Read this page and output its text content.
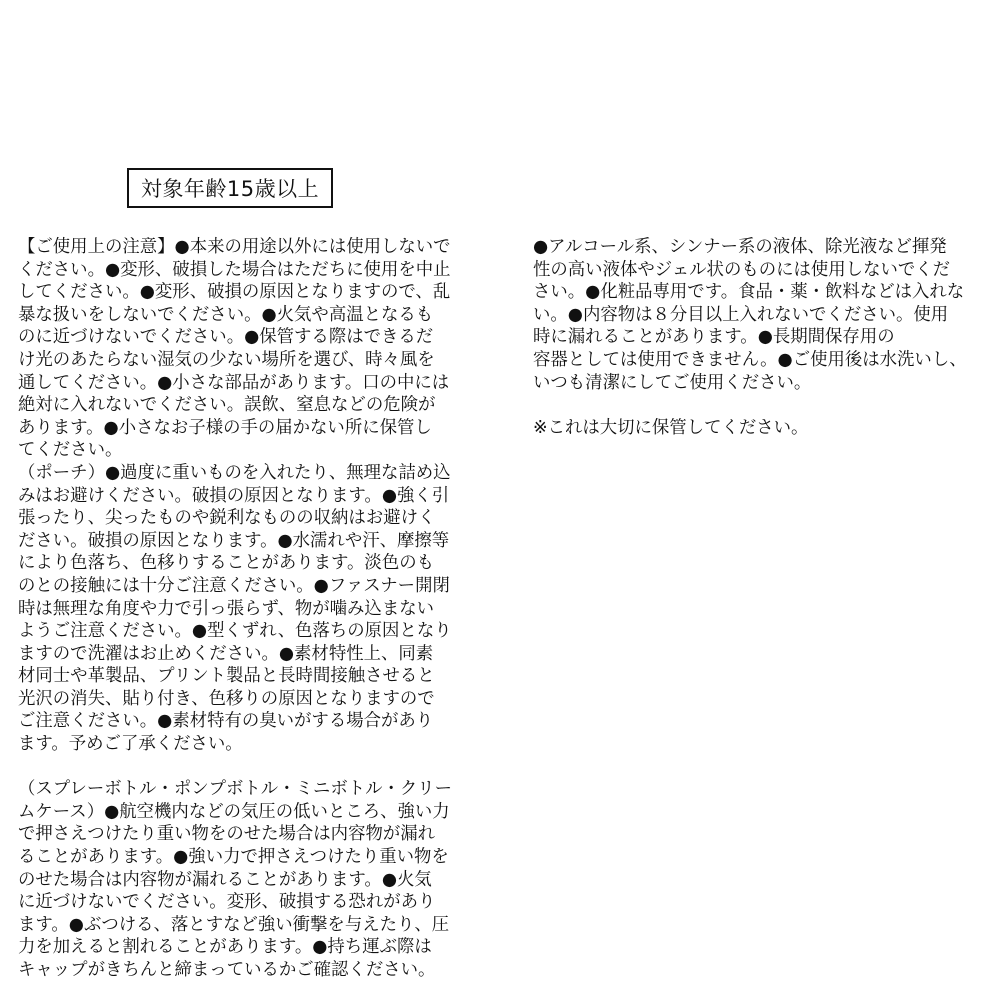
対象年齢15歳以上
【ご使用上の注意】●本来の用途以外には使用しないで
ください。●変形、破損した場合はただちに使用を中止
してください。●変形、破損の原因となりますので、乱
暴な扱いをしないでください。●火気や高温となるも
のに近づけないでください。●保管する際はできるだ
け光のあたらない湿気の少ない場所を選び、時々風を
通してください。●小さな部品があります。口の中には
絶対に入れないでください。誤飲、窒息などの危険が
あります。●小さなお子様の手の届かない所に保管し
てください。
（ポーチ）●過度に重いものを入れたり、無理な詰め込
みはお避けください。破損の原因となります。●強く引
張ったり、尖ったものや鋭利なものの収納はお避けく
ださい。破損の原因となります。●水濡れや汗、摩擦等
により色落ち、色移りすることがあります。淡色のも
のとの接触には十分ご注意ください。●ファスナー開閉
時は無理な角度や力で引っ張らず、物が噛み込まない
ようご注意ください。●型くずれ、色落ちの原因となり
ますので洗濯はお止めください。●素材特性上、同素
材同士や革製品、プリント製品と長時間接触させると
光沢の消失、貼り付き、色移りの原因となりますので
ご注意ください。●素材特有の臭いがする場合があり
ます。予めご了承ください。
（スプレーボトル・ポンプボトル・ミニボトル・クリー
ムケース）●航空機内などの気圧の低いところ、強い力
で押さえつけたり重い物をのせた場合は内容物が漏れ
ることがあります。●強い力で押さえつけたり重い物を
のせた場合は内容物が漏れることがあります。●火気
に近づけないでください。変形、破損する恐れがあり
ます。●ぶつける、落とすなど強い衝撃を与えたり、圧
力を加えると割れることがあります。●持ち運ぶ際は
キャップがきちんと締まっているかご確認ください。
●アルコール系、シンナー系の液体、除光液など揮発
性の高い液体やジェル状のものには使用しないでくだ
さい。●化粧品専用です。食品・薬・飲料などは入れな
い。●内容物は８分目以上入れないでください。使用
時に漏れることがあります。●長期間保存用の
容器としては使用できません。●ご使用後は水洗いし、
いつも清潔にしてご使用ください。
※これは大切に保管してください。
